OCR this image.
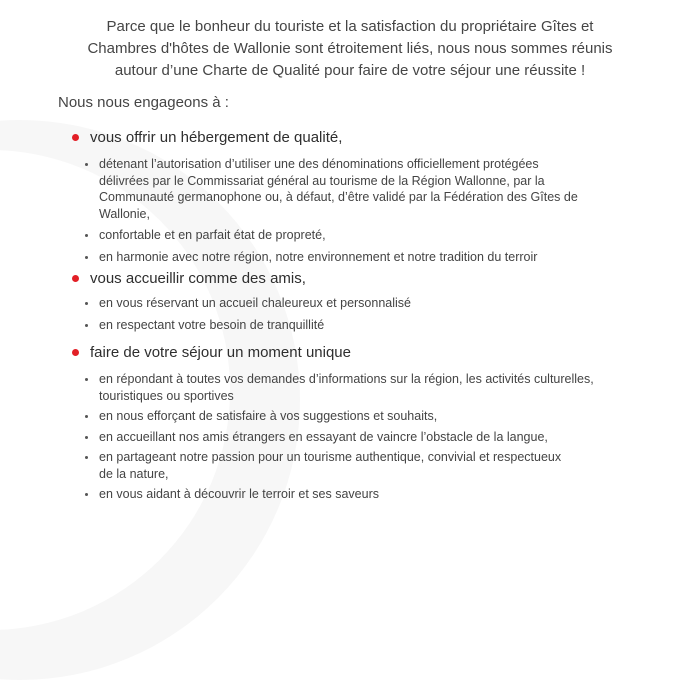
Parce que le bonheur du touriste et la satisfaction du propriétaire Gîtes et
Chambres d'hôtes de Wallonie sont étroitement liés, nous nous sommes réunis
autour d’une Charte de Qualité pour faire de votre séjour une réussite !
Nous nous engageons à :
vous offrir un hébergement de qualité,
détenant l’autorisation d’utiliser une des dénominations officiellement protégées
délivrées par le Commissariat général au tourisme de la Région Wallonne, par la
Communauté germanophone ou, à défaut, d’être validé par la Fédération des Gîtes de
Wallonie,
confortable et en parfait état de propreté,
en harmonie avec notre région, notre environnement et notre tradition du terroir
vous accueillir comme des amis,
en vous réservant un accueil chaleureux et personnalisé
en respectant votre besoin de tranquillité
faire de votre séjour un moment unique
en répondant à toutes vos demandes d’informations sur la région, les activités culturelles,
touristiques ou sportives
en nous efforçant de satisfaire à vos suggestions et souhaits,
en accueillant nos amis étrangers en essayant de vaincre l’obstacle de la langue,
en partageant notre passion pour un tourisme authentique, convivial et respectueux
de la nature,
en vous aidant à découvrir le terroir et ses saveurs
